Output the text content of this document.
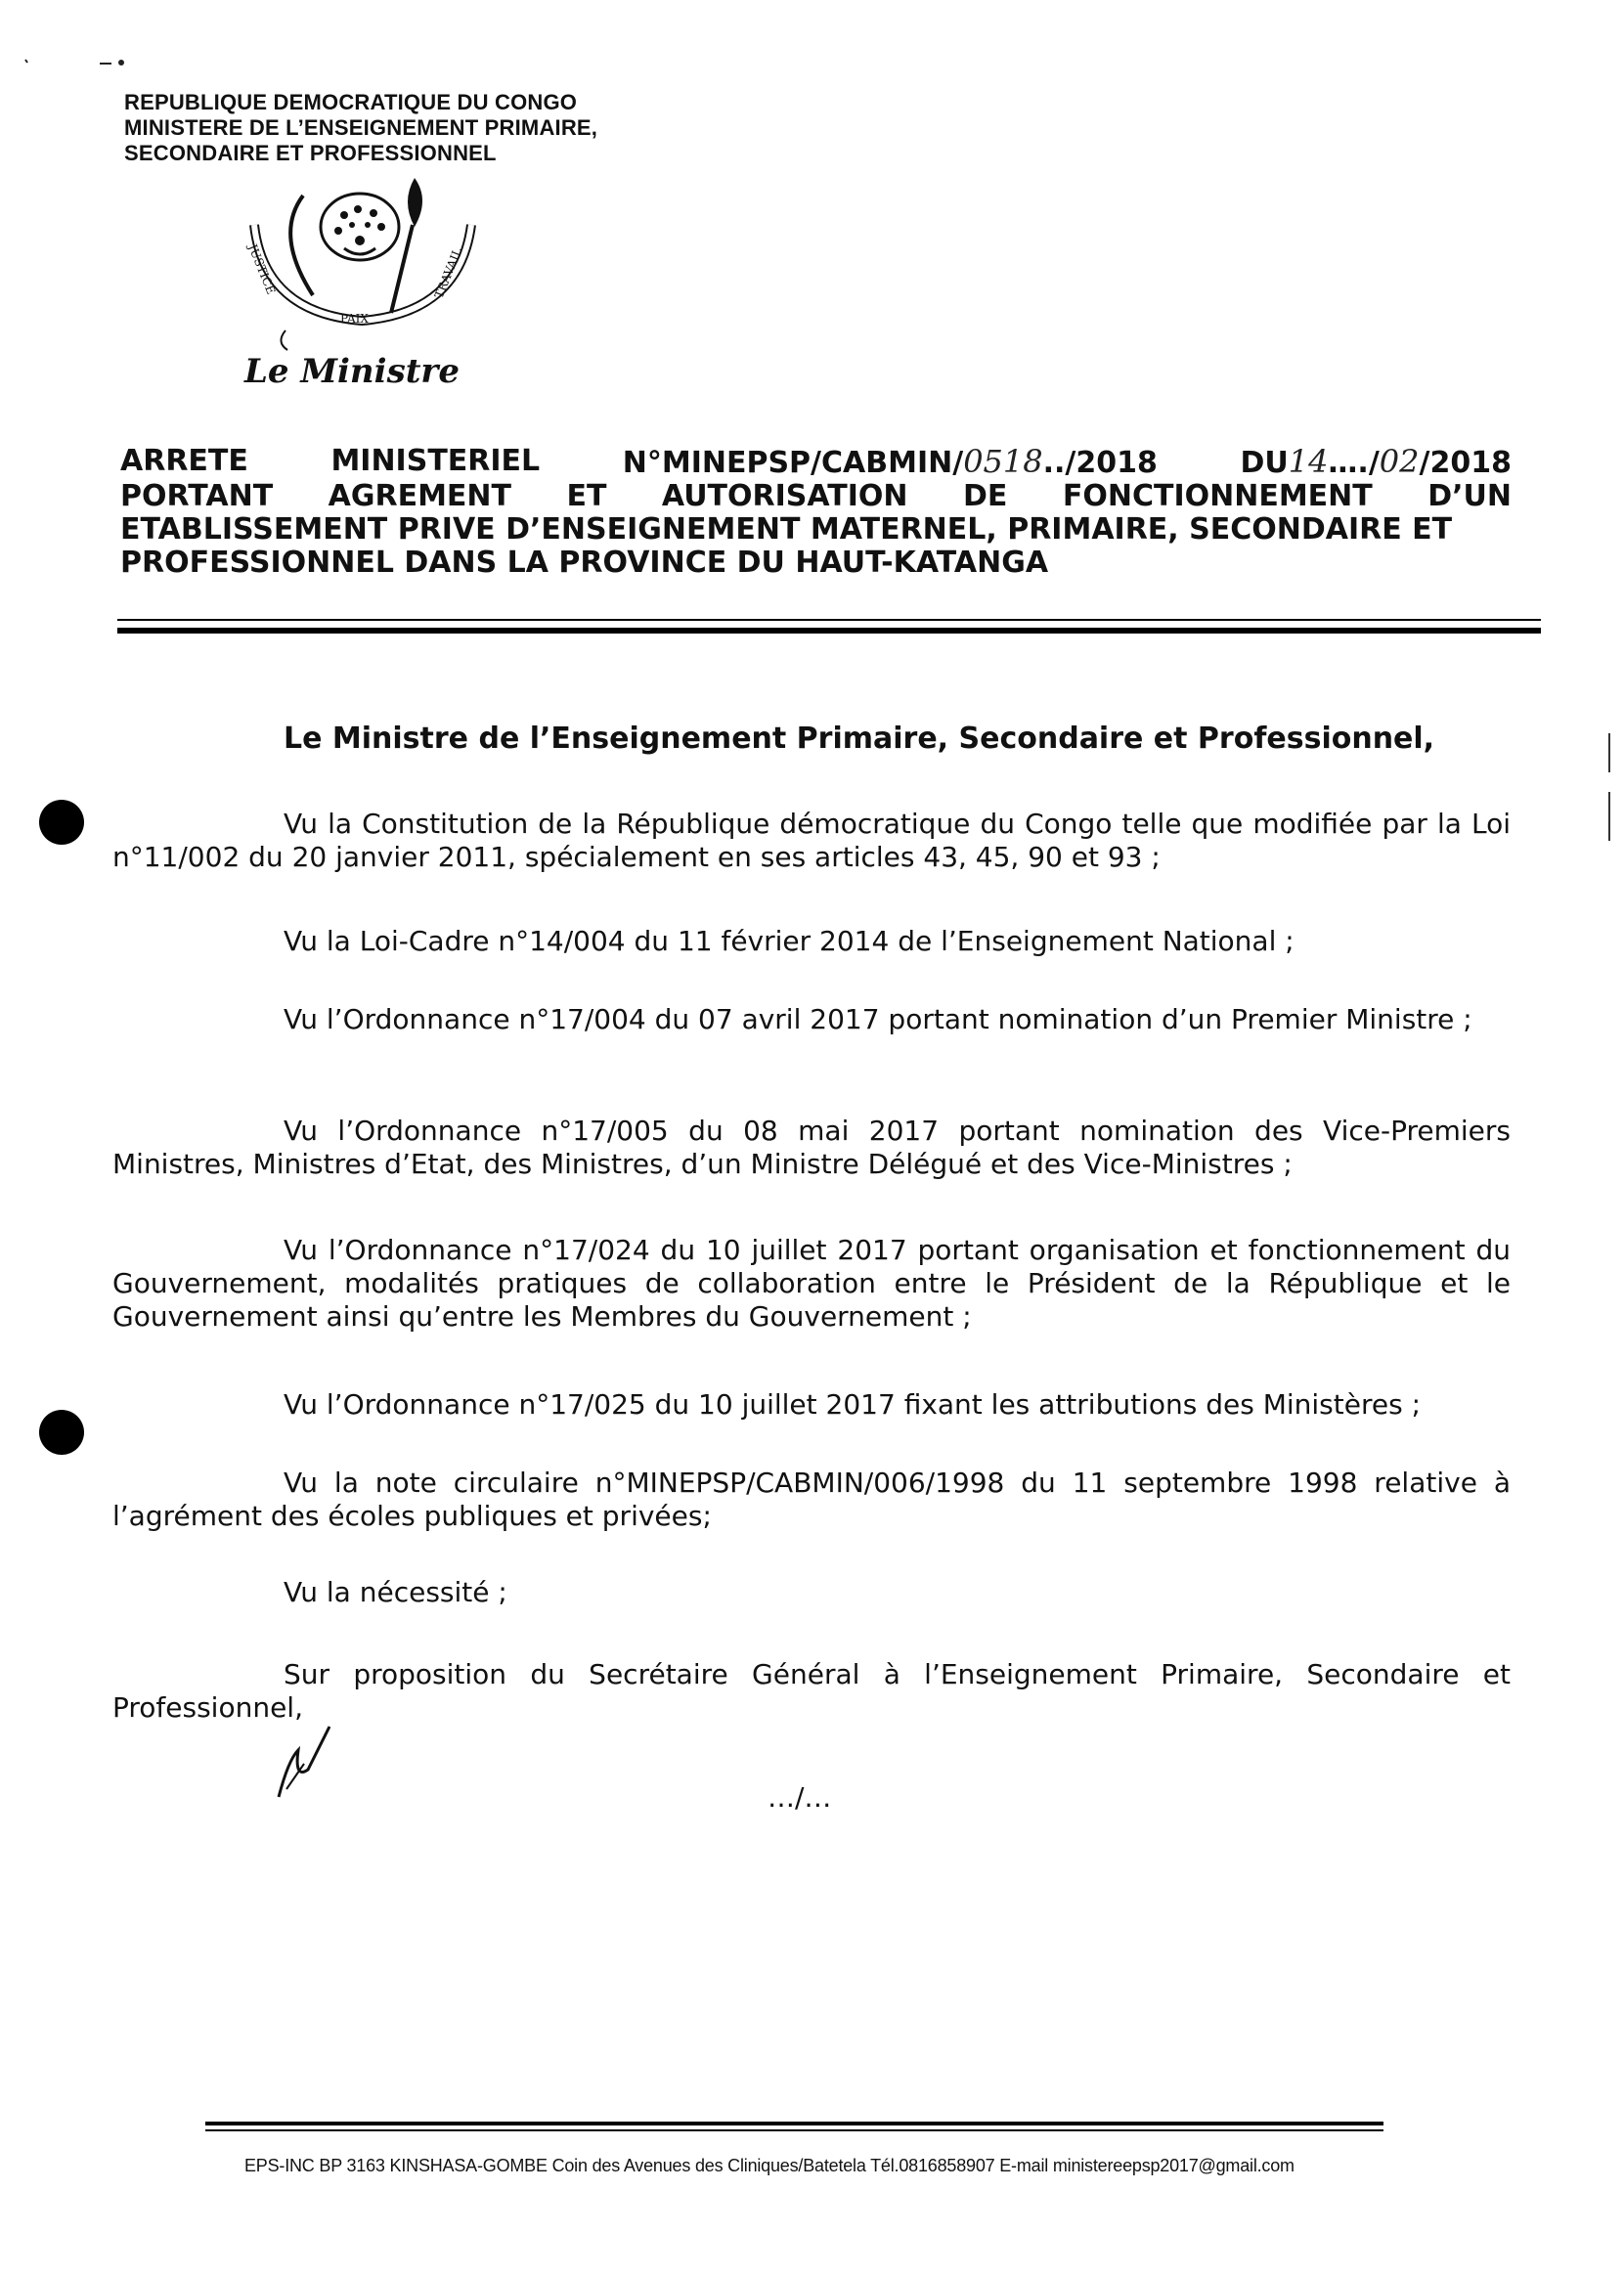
REPUBLIQUE DEMOCRATIQUE DU CONGO
MINISTERE DE L’ENSEIGNEMENT PRIMAIRE,
SECONDAIRE ET PROFESSIONNEL
JUSTICE
PAIX
TRAVAIL
Le Ministre
ARRETE	MINISTERIEL	N°MINEPSP/CABMIN/0518../2018	DU14…./02/2018
PORTANT AGREMENT ET AUTORISATION DE FONCTIONNEMENT D’UN
ETABLISSEMENT PRIVE D’ENSEIGNEMENT MATERNEL, PRIMAIRE, SECONDAIRE ET
PROFESSIONNEL DANS LA PROVINCE DU HAUT-KATANGA
Le Ministre de l’Enseignement Primaire, Secondaire et Professionnel,
Vu la Constitution de la République démocratique du Congo telle que modifiée par la Loi n°11/002 du 20 janvier 2011, spécialement en ses articles 43, 45, 90 et 93 ;
Vu la Loi-Cadre n°14/004 du 11 février 2014 de l’Enseignement National ;
Vu l’Ordonnance n°17/004 du 07 avril 2017 portant nomination d’un Premier Ministre ;
Vu l’Ordonnance n°17/005 du 08 mai 2017 portant nomination des Vice-Premiers Ministres, Ministres d’Etat, des Ministres, d’un Ministre Délégué et des Vice-Ministres ;
Vu l’Ordonnance n°17/024 du 10 juillet 2017 portant organisation et fonctionnement du Gouvernement, modalités pratiques de collaboration entre le Président de la République et le Gouvernement ainsi qu’entre les Membres du Gouvernement ;
Vu l’Ordonnance n°17/025 du 10 juillet 2017 fixant les attributions des Ministères ;
Vu la note circulaire n°MINEPSP/CABMIN/006/1998 du 11 septembre 1998 relative à l’agrément des écoles publiques et privées;
Vu la nécessité ;
Sur proposition du Secrétaire Général à l’Enseignement Primaire, Secondaire et Professionnel,
…/…
EPS-INC BP 3163 KINSHASA-GOMBE Coin des Avenues des Cliniques/Batetela Tél.0816858907 E-mail ministereepsp2017@gmail.com
